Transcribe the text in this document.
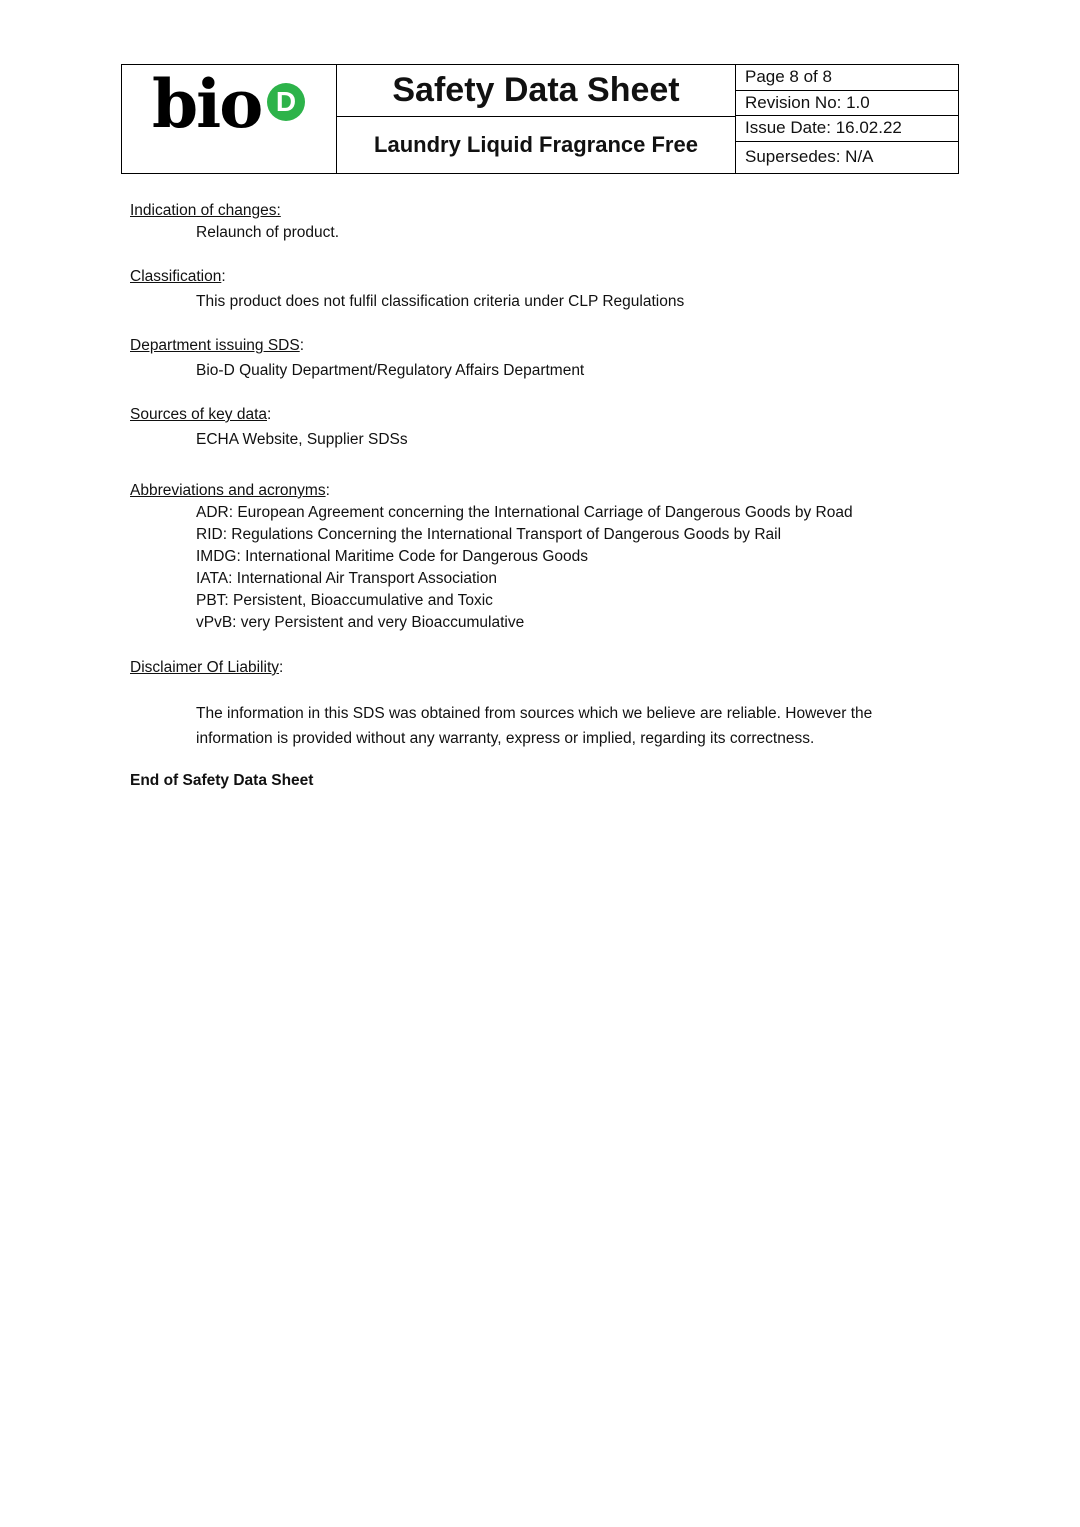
bio D	Safety Data Sheet
Laundry Liquid Fragrance Free
Page 8 of 8
Revision No: 1.0
Issue Date: 16.02.22
Supersedes: N/A
Indication of changes:
Relaunch of product.
Classification:
This product does not fulfil classification criteria under CLP Regulations
Department issuing SDS:
Bio-D Quality Department/Regulatory Affairs Department
Sources of key data:
ECHA Website, Supplier SDSs
Abbreviations and acronyms:
ADR: European Agreement concerning the International Carriage of Dangerous Goods by Road
RID: Regulations Concerning the International Transport of Dangerous Goods by Rail
IMDG: International Maritime Code for Dangerous Goods
IATA: International Air Transport Association
PBT: Persistent, Bioaccumulative and Toxic
vPvB: very Persistent and very Bioaccumulative
Disclaimer Of Liability:
The information in this SDS was obtained from sources which we believe are reliable. However the
information is provided without any warranty, express or implied, regarding its correctness.
End of Safety Data Sheet
